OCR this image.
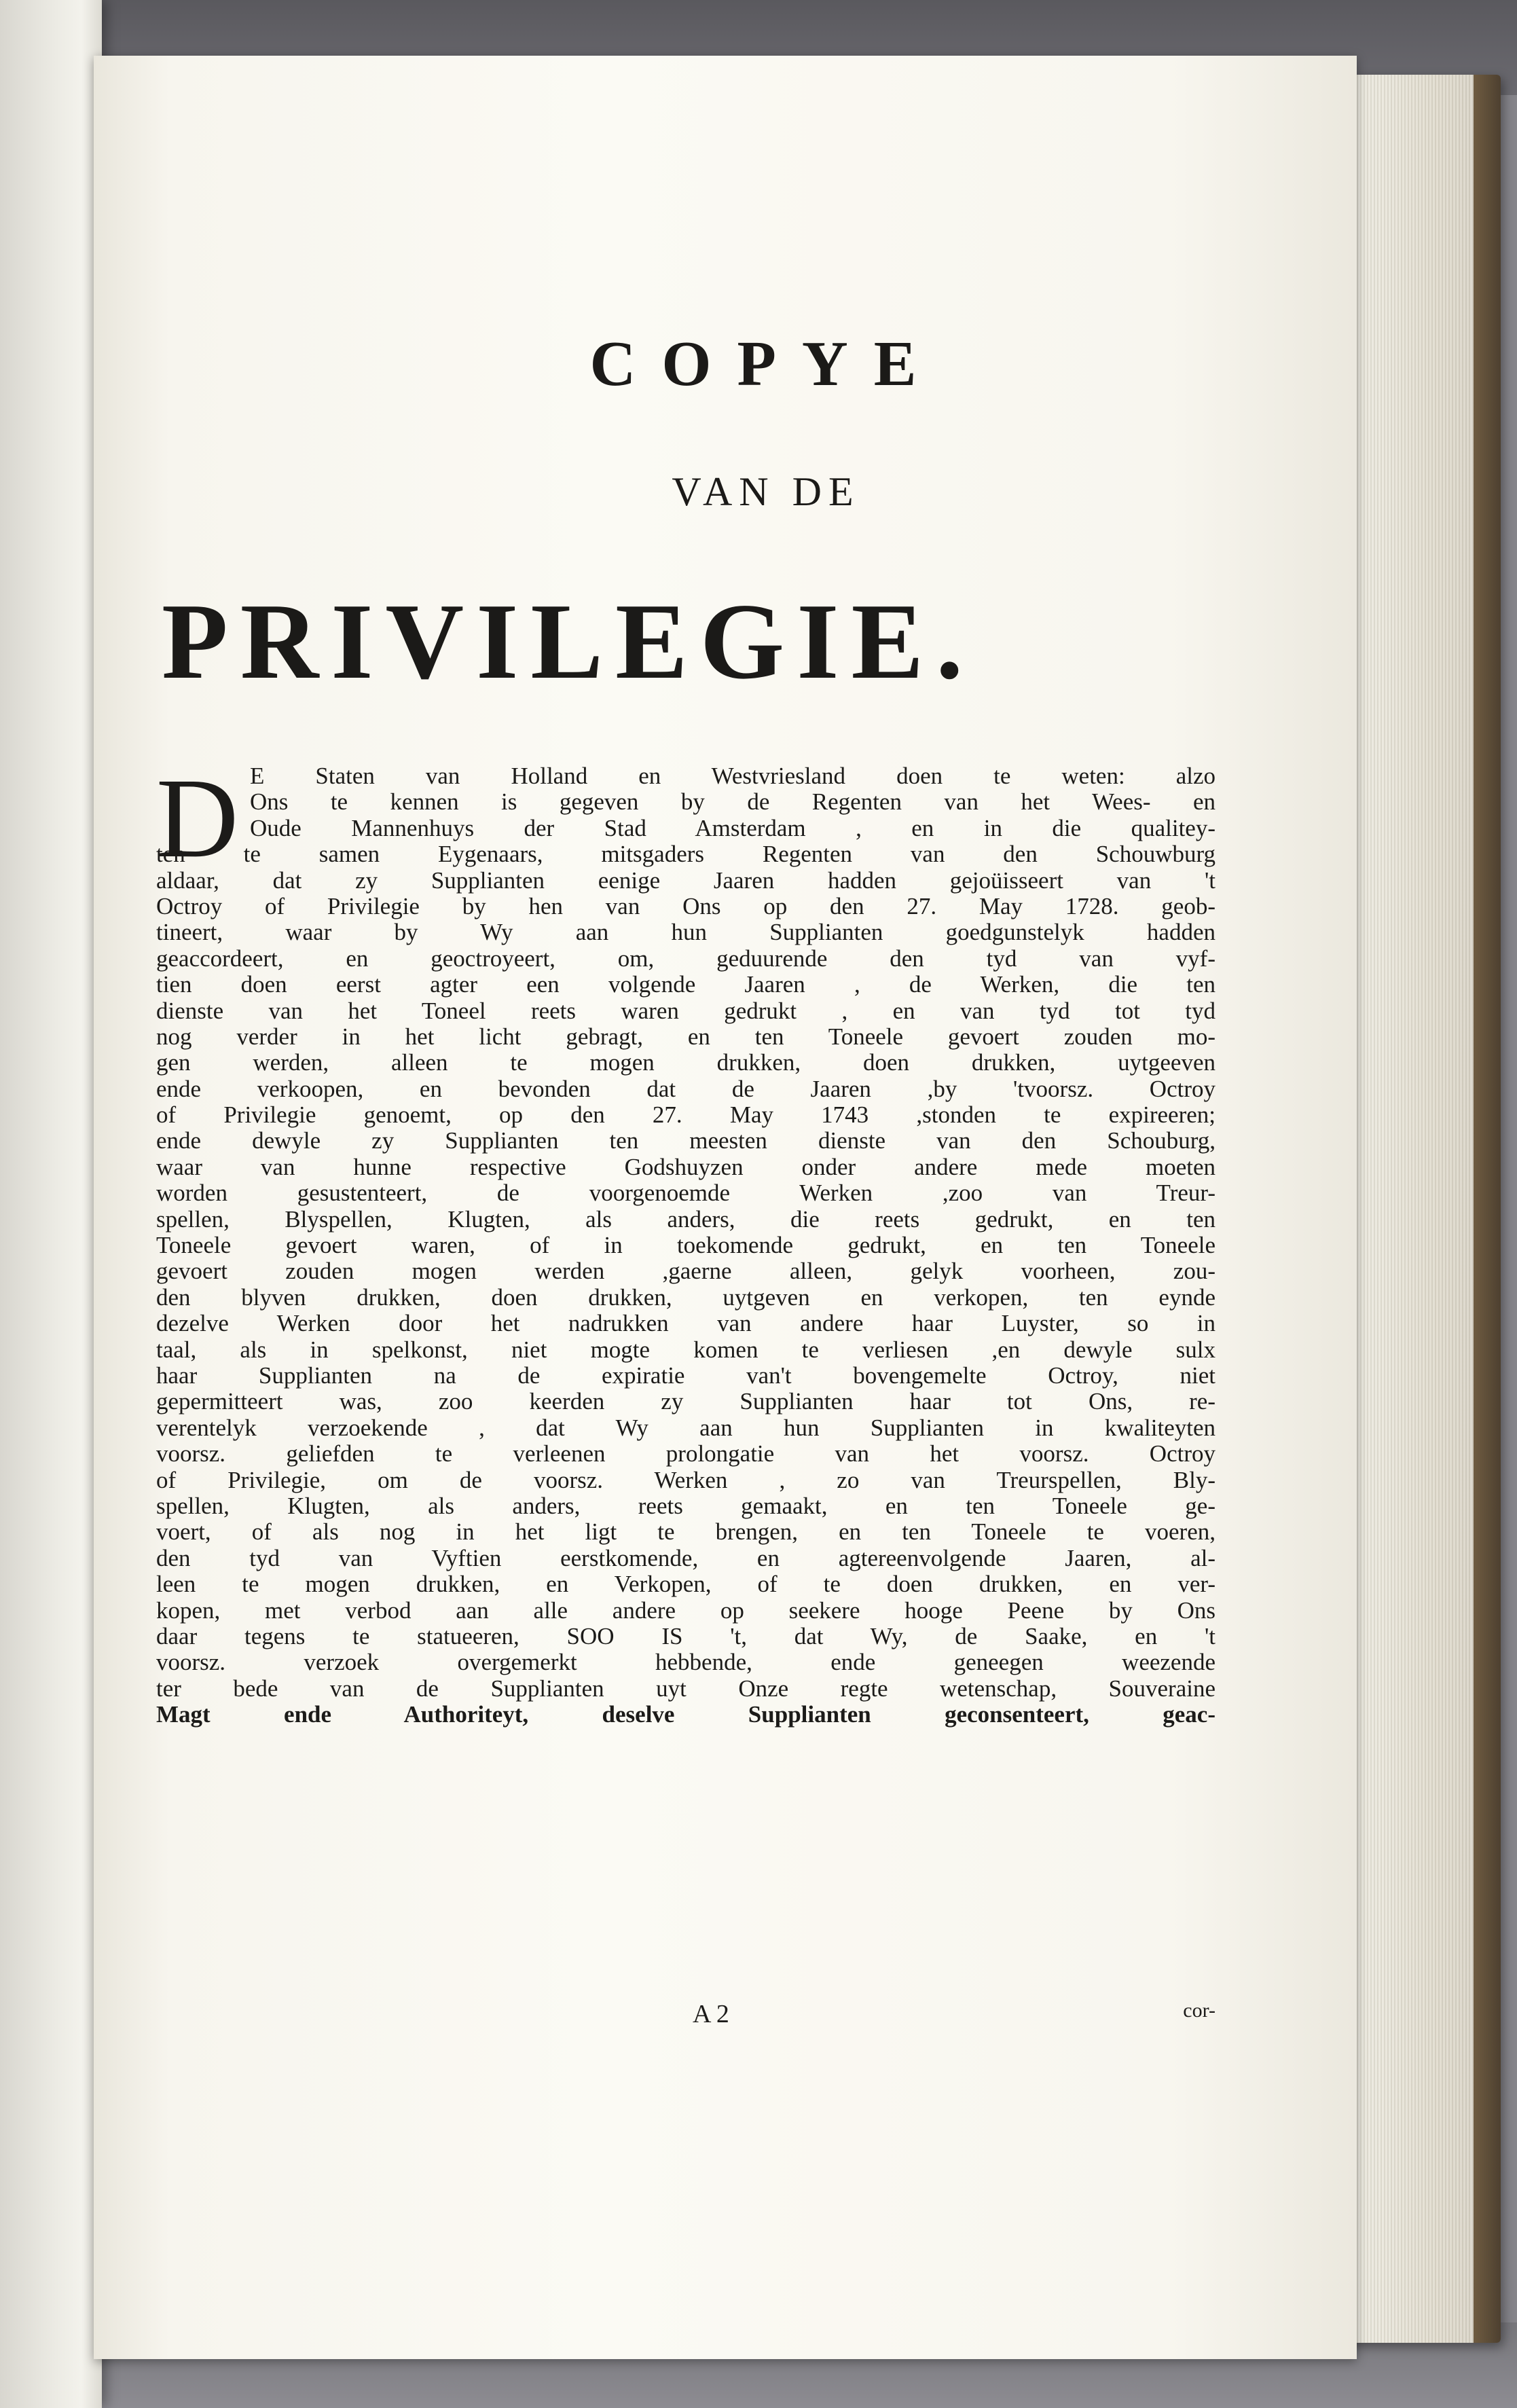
COPYE
VAN DE
PRIVILEGIE.
D E Staten van Holland en Westvriesland doen te weten: alzo
Ons te kennen is gegeven by de Regenten van het Wees- en
Oude Mannenhuys der Stad Amsterdam , en in die qualitey-
ten te samen Eygenaars, mitsgaders Regenten van den Schouwburg
aldaar, dat zy Supplianten eenige Jaaren hadden gejoüisseert van 't
Octroy of Privilegie by hen van Ons op den 27. May 1728. geob-
tineert, waar by Wy aan hun Supplianten goedgunstelyk hadden
geaccordeert, en geoctroyeert, om, geduurende den tyd van vyf-
tien doen eerst agter een volgende Jaaren , de Werken, die ten
dienste van het Toneel reets waren gedrukt , en van tyd tot tyd
nog verder in het licht gebragt, en ten Toneele gevoert zouden mo-
gen werden, alleen te mogen drukken, doen drukken, uytgeeven
ende verkoopen, en bevonden dat de Jaaren ,by 'tvoorsz. Octroy
of Privilegie genoemt, op den 27. May 1743 ,stonden te expireeren;
ende dewyle zy Supplianten ten meesten dienste van den Schouburg,
waar van hunne respective Godshuyzen onder andere mede moeten
worden gesustenteert, de voorgenoemde Werken ,zoo van Treur-
spellen, Blyspellen, Klugten, als anders, die reets gedrukt, en ten
Toneele gevoert waren, of in toekomende gedrukt, en ten Toneele
gevoert zouden mogen werden ,gaerne alleen, gelyk voorheen, zou-
den blyven drukken, doen drukken, uytgeven en verkopen, ten eynde
dezelve Werken door het nadrukken van andere haar Luyster, so in
taal, als in spelkonst, niet mogte komen te verliesen ,en dewyle sulx
haar Supplianten na de expiratie van't bovengemelte Octroy, niet
gepermitteert was, zoo keerden zy Supplianten haar tot Ons, re-
verentelyk verzoekende , dat Wy aan hun Supplianten in kwaliteyten
voorsz. geliefden te verleenen prolongatie van het voorsz. Octroy
of Privilegie, om de voorsz. Werken , zo van Treurspellen, Bly-
spellen, Klugten, als anders, reets gemaakt, en ten Toneele ge-
voert, of als nog in het ligt te brengen, en ten Toneele te voeren,
den tyd van Vyftien eerstkomende, en agtereenvolgende Jaaren, al-
leen te mogen drukken, en Verkopen, of te doen drukken, en ver-
kopen, met verbod aan alle andere op seekere hooge Peene by Ons
daar tegens te statueeren, SOO IS 't, dat Wy, de Saake, en 't
voorsz. verzoek overgemerkt hebbende, ende geneegen weezende
ter bede van de Supplianten uyt Onze regte wetenschap, Souveraine
Magt ende Authoriteyt, deselve Supplianten geconsenteert, geac-
A 2	cor-
